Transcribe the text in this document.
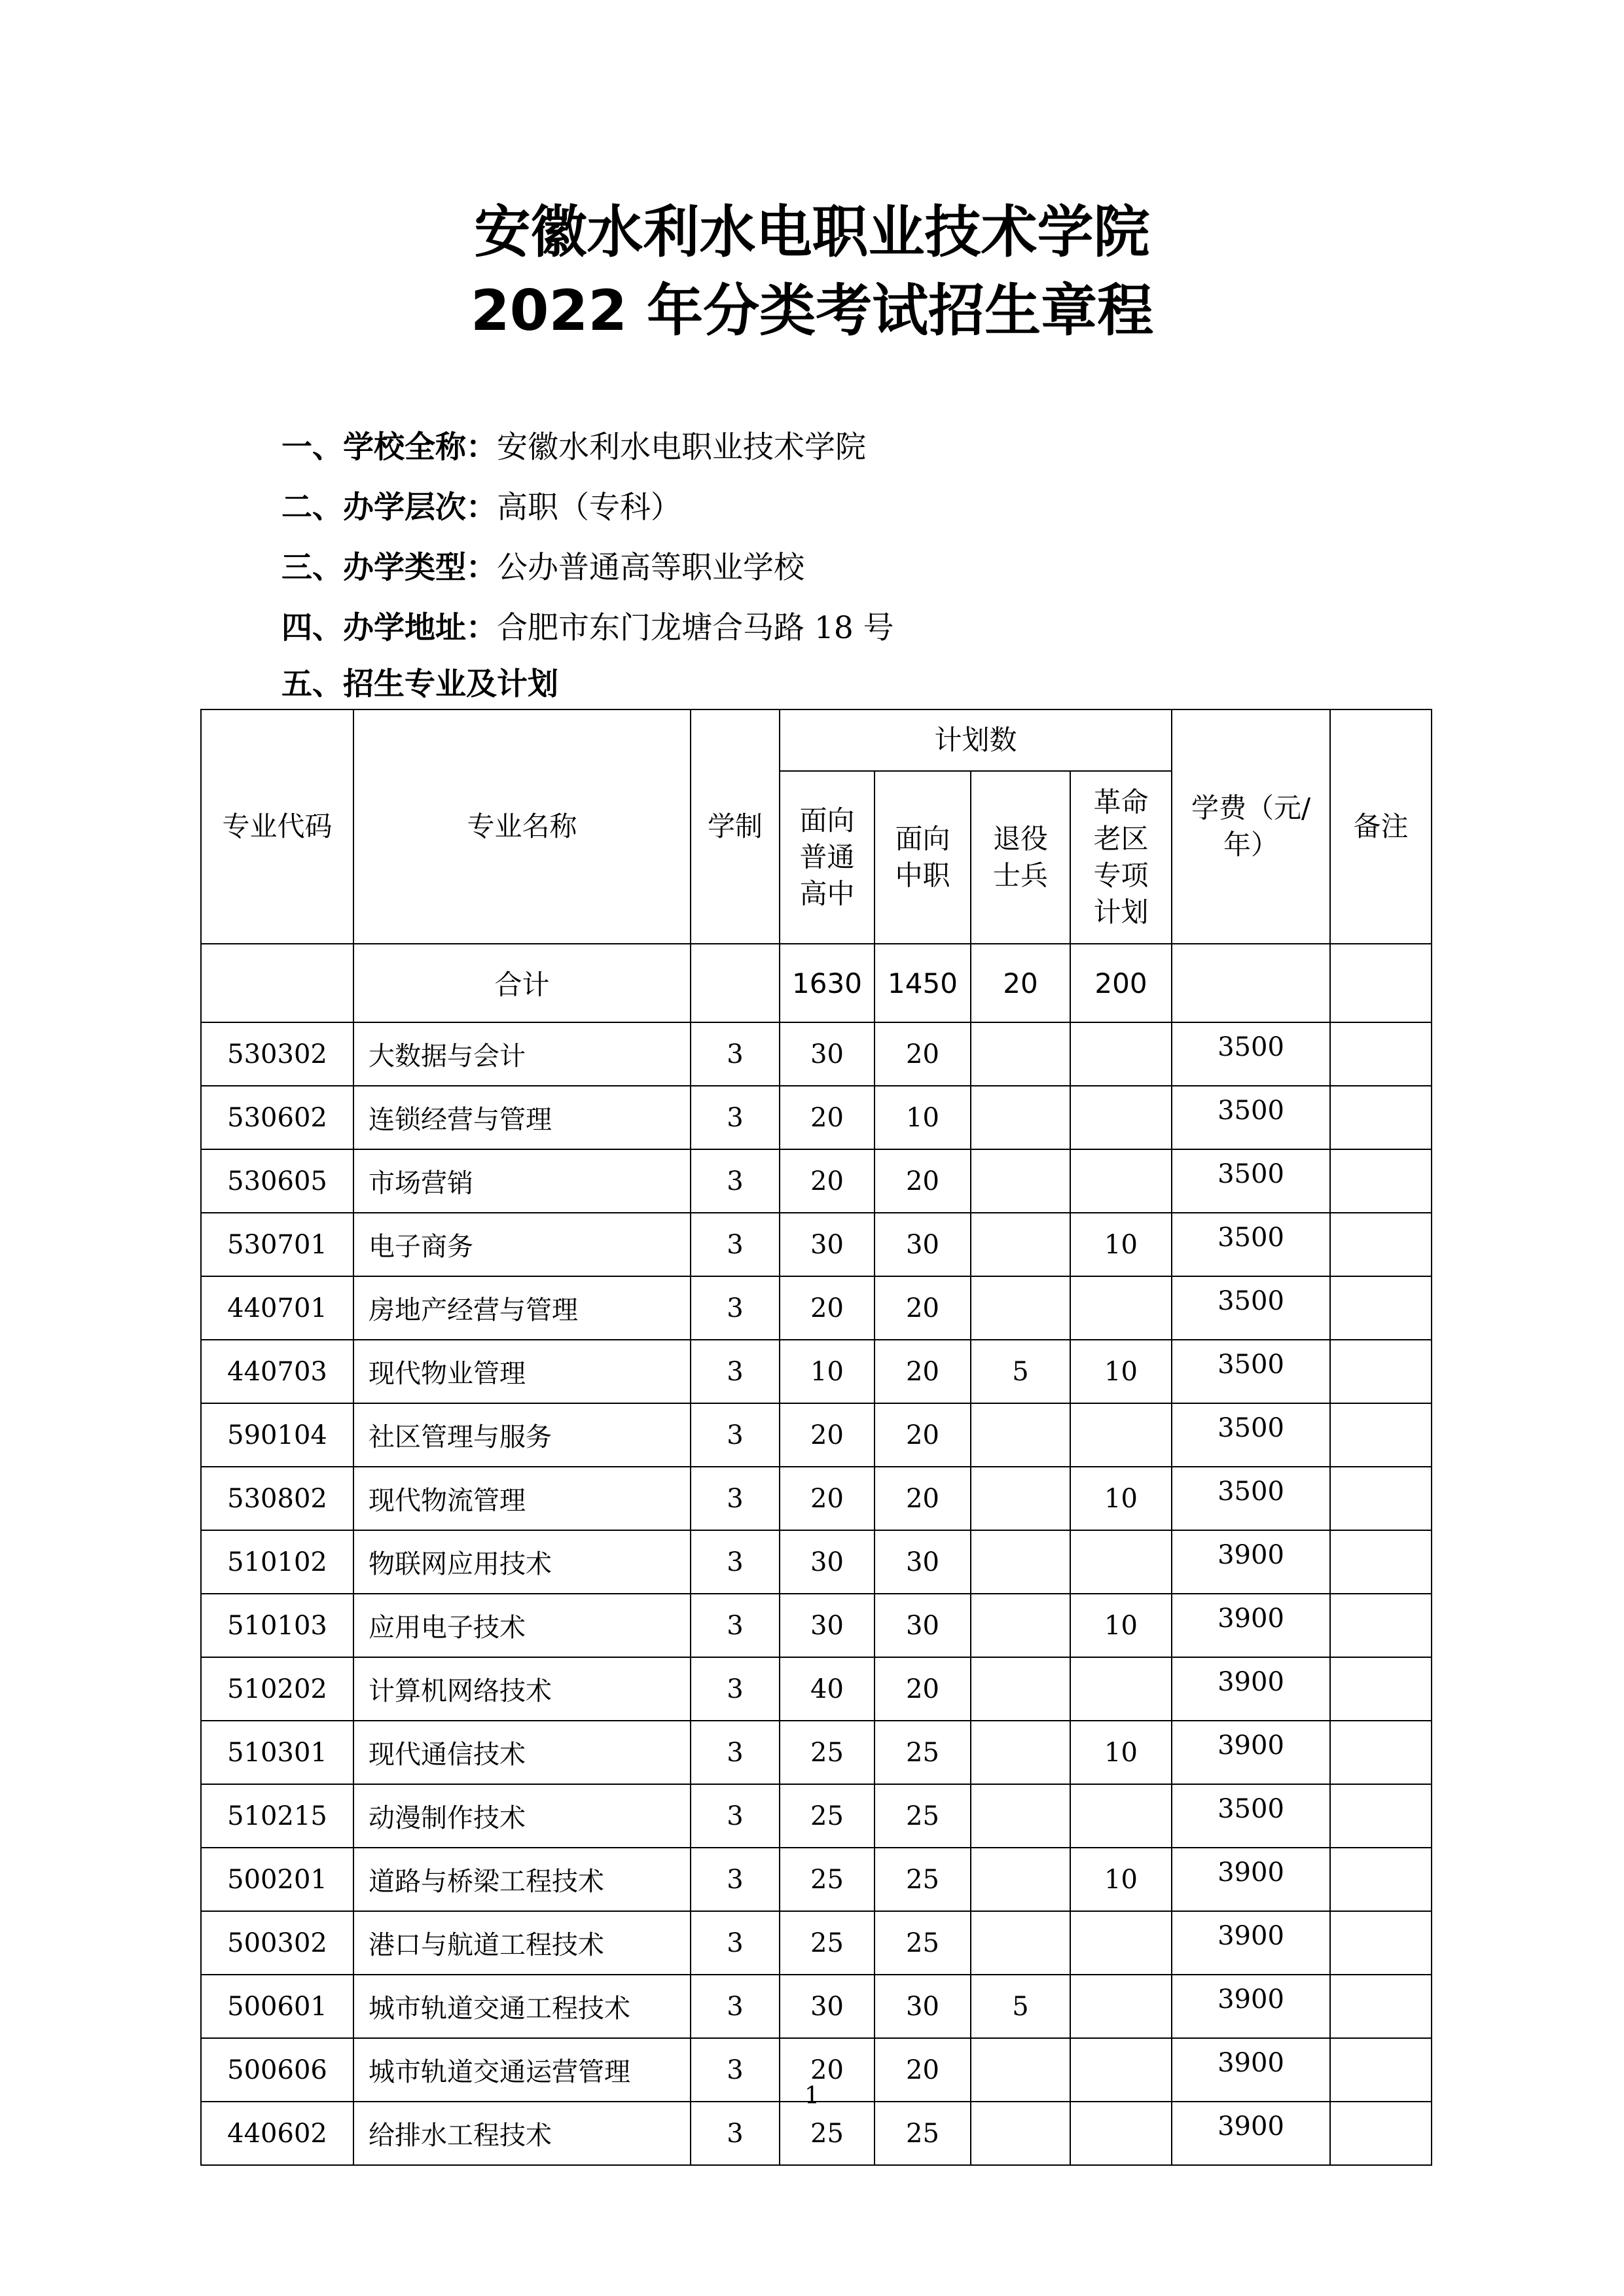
安徽水利水电职业技术学院
2022 年分类考试招生章程
一、学校全称：安徽水利水电职业技术学院
二、办学层次：高职（专科）
三、办学类型：公办普通高等职业学校
四、办学地址：合肥市东门龙塘合马路 18 号
五、招生专业及计划
专业代码	专业名称	学制	计划数				学费（元/年）	备注

			面向普通高中	面向中职	退役士兵	革命老区专项计划		

	合计		1630	1450	20	200		
530302	大数据与会计	3	30	20			3500	
530602	连锁经营与管理	3	20	10			3500	
530605	市场营销	3	20	20			3500	
530701	电子商务	3	30	30		10	3500	
440701	房地产经营与管理	3	20	20			3500	
440703	现代物业管理	3	10	20	5	10	3500	
590104	社区管理与服务	3	20	20			3500	
530802	现代物流管理	3	20	20		10	3500	
510102	物联网应用技术	3	30	30			3900	
510103	应用电子技术	3	30	30		10	3900	
510202	计算机网络技术	3	40	20			3900	
510301	现代通信技术	3	25	25		10	3900	
510215	动漫制作技术	3	25	25			3500	
500201	道路与桥梁工程技术	3	25	25		10	3900	
500302	港口与航道工程技术	3	25	25			3900	
500601	城市轨道交通工程技术	3	30	30	5		3900	
500606	城市轨道交通运营管理	3	20	20			3900	
440602	给排水工程技术	3	25	25			3900	
1
